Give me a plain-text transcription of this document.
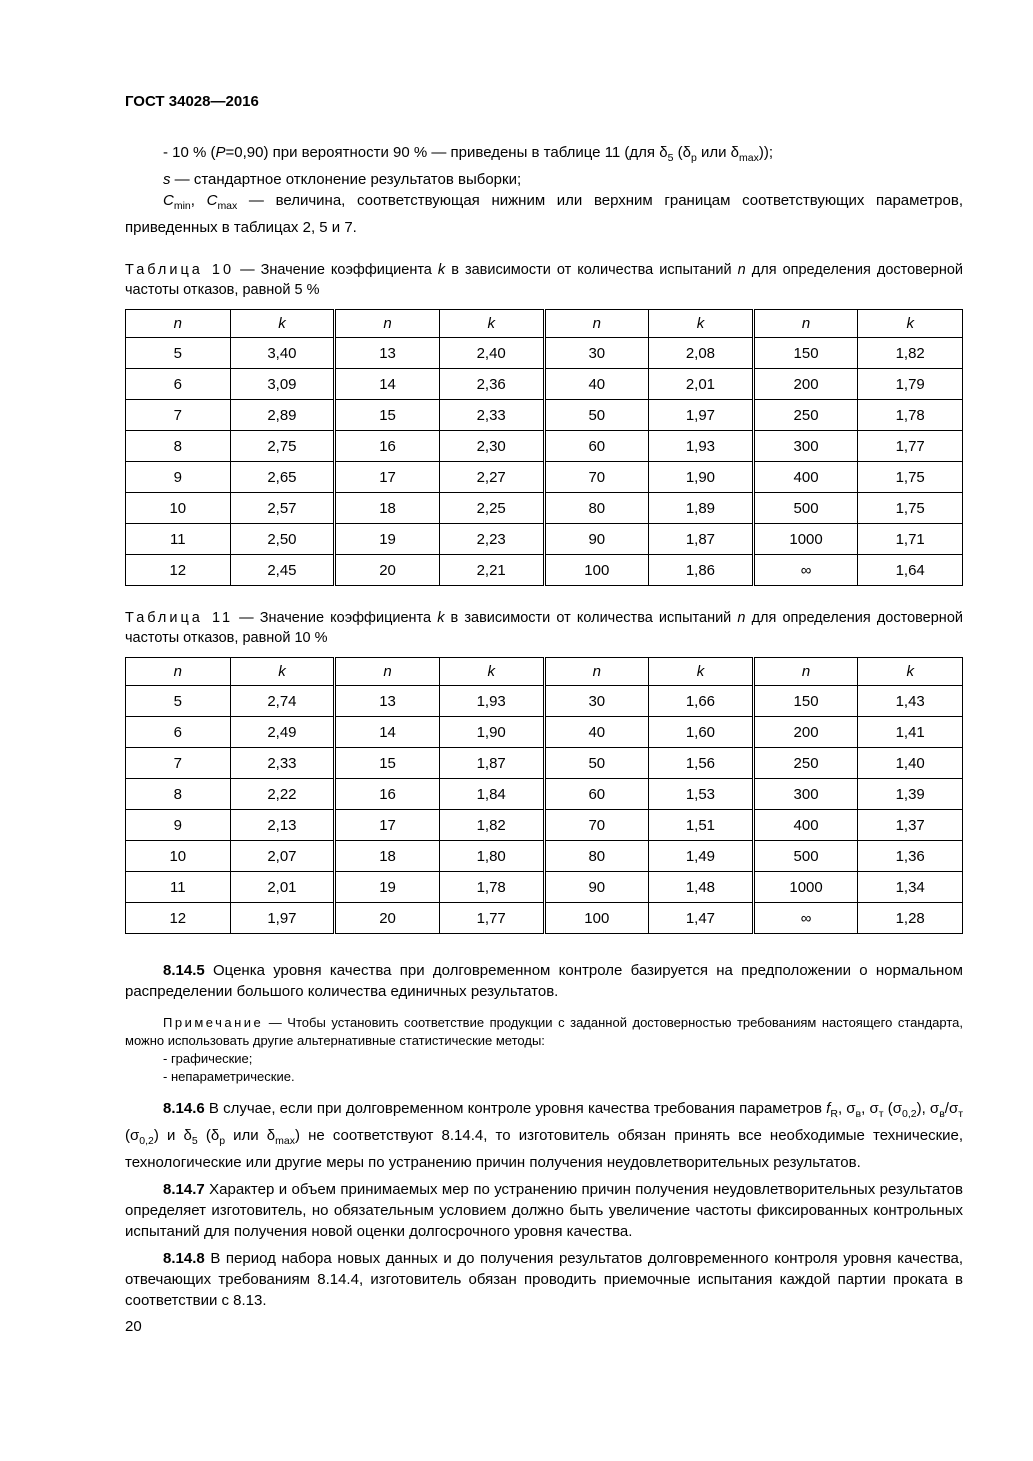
ГОСТ 34028—2016

- 10 % (P=0,90) при вероятности 90 % — приведены в таблице 11 (для $\delta_5$ ($\delta_р$ или $\delta_{max}$));

s — стандартное отклонение результатов выборки;

$C_{min}$, $C_{max}$ — величина, соответствующая нижним или верхним границам соответствующих параметров, приведенных в таблицах 2, 5 и 7.

Таблица 10 — Значение коэффициента k в зависимости от количества испытаний n для определения достоверной частоты отказов, равной 5 %

n	k	n	k	n	k	n	k
5	3,40	13	2,40	30	2,08	150	1,82
6	3,09	14	2,36	40	2,01	200	1,79
7	2,89	15	2,33	50	1,97	250	1,78
8	2,75	16	2,30	60	1,93	300	1,77
9	2,65	17	2,27	70	1,90	400	1,75
10	2,57	18	2,25	80	1,89	500	1,75
11	2,50	19	2,23	90	1,87	1000	1,71
12	2,45	20	2,21	100	1,86	∞	1,64

Таблица 11 — Значение коэффициента k в зависимости от количества испытаний n для определения достоверной частоты отказов, равной 10 %

n	k	n	k	n	k	n	k
5	2,74	13	1,93	30	1,66	150	1,43
6	2,49	14	1,90	40	1,60	200	1,41
7	2,33	15	1,87	50	1,56	250	1,40
8	2,22	16	1,84	60	1,53	300	1,39
9	2,13	17	1,82	70	1,51	400	1,37
10	2,07	18	1,80	80	1,49	500	1,36
11	2,01	19	1,78	90	1,48	1000	1,34
12	1,97	20	1,77	100	1,47	∞	1,28

8.14.5 Оценка уровня качества при долговременном контроле базируется на предположении о нормальном распределении большого количества единичных результатов.

Примечание — Чтобы установить соответствие продукции с заданной достоверностью требованиям настоящего стандарта, можно использовать другие альтернативные статистические методы:

- графические;

- непараметрические.

8.14.6 В случае, если при долговременном контроле уровня качества требования параметров $f_R$, $\sigma_в$, $\sigma_т$ $(\sigma_{0,2})$, $\sigma_в/\sigma_т$ $(\sigma_{0,2})$ и $\delta_5$ ($\delta_р$ или $\delta_{max}$) не соответствуют 8.14.4, то изготовитель обязан принять все необходимые технические, технологические или другие меры по устранению причин получения неудовлетворительных результатов.

8.14.7 Характер и объем принимаемых мер по устранению причин получения неудовлетворительных результатов определяет изготовитель, но обязательным условием должно быть увеличение частоты фиксированных контрольных испытаний для получения новой оценки долгосрочного уровня качества.

8.14.8 В период набора новых данных и до получения результатов долговременного контроля уровня качества, отвечающих требованиям 8.14.4, изготовитель обязан проводить приемочные испытания каждой партии проката в соответствии с 8.13.

20
